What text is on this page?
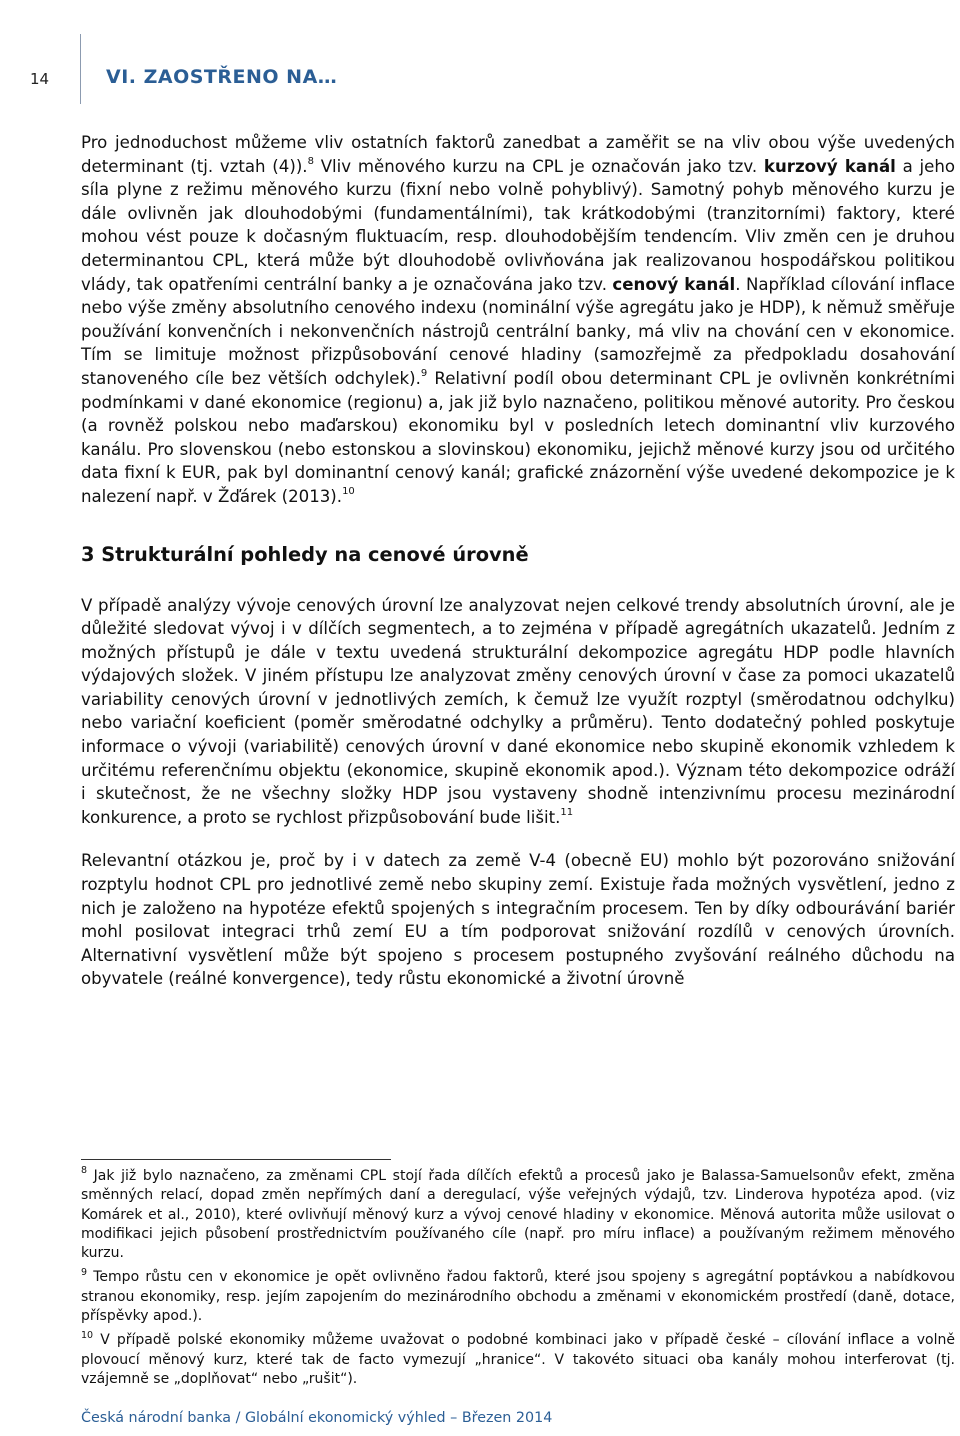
14	VI. ZAOSTŘENO NA…

Pro jednoduchost můžeme vliv ostatních faktorů zanedbat a zaměřit se na vliv obou výše uvedených determinant (tj. vztah (4)).$^8$ Vliv měnového kurzu na CPL je označován jako tzv. kurzový kanál a jeho síla plyne z režimu měnového kurzu (fixní nebo volně pohyblivý). Samotný pohyb měnového kurzu je dále ovlivněn jak dlouhodobými (fundamentálními), tak krátkodobými (tranzitorními) faktory, které mohou vést pouze k dočasným fluktuacím, resp. dlouhodobějším tendencím. Vliv změn cen je druhou determinantou CPL, která může být dlouhodobě ovlivňována jak realizovanou hospodářskou politikou vlády, tak opatřeními centrální banky a je označována jako tzv. cenový kanál. Například cílování inflace nebo výše změny absolutního cenového indexu (nominální výše agregátu jako je HDP), k němuž směřuje používání konvenčních i nekonvenčních nástrojů centrální banky, má vliv na chování cen v ekonomice. Tím se limituje možnost přizpůsobování cenové hladiny (samozřejmě za předpokladu dosahování stanoveného cíle bez větších odchylek).$^9$ Relativní podíl obou determinant CPL je ovlivněn konkrétními podmínkami v dané ekonomice (regionu) a, jak již bylo naznačeno, politikou měnové autority. Pro českou (a rovněž polskou nebo maďarskou) ekonomiku byl v posledních letech dominantní vliv kurzového kanálu. Pro slovenskou (nebo estonskou a slovinskou) ekonomiku, jejichž měnové kurzy jsou od určitého data fixní k EUR, pak byl dominantní cenový kanál; grafické znázornění výše uvedené dekompozice je k nalezení např. v Žďárek (2013).$^{10}$

3 Strukturální pohledy na cenové úrovně

V případě analýzy vývoje cenových úrovní lze analyzovat nejen celkové trendy absolutních úrovní, ale je důležité sledovat vývoj i v dílčích segmentech, a to zejména v případě agregátních ukazatelů. Jedním z možných přístupů je dále v textu uvedená strukturální dekompozice agregátu HDP podle hlavních výdajových složek. V jiném přístupu lze analyzovat změny cenových úrovní v čase za pomoci ukazatelů variability cenových úrovní v jednotlivých zemích, k čemuž lze využít rozptyl (směrodatnou odchylku) nebo variační koeficient (poměr směrodatné odchylky a průměru). Tento dodatečný pohled poskytuje informace o vývoji (variabilitě) cenových úrovní v dané ekonomice nebo skupině ekonomik vzhledem k určitému referenčnímu objektu (ekonomice, skupině ekonomik apod.). Význam této dekompozice odráží i skutečnost, že ne všechny složky HDP jsou vystaveny shodně intenzivnímu procesu mezinárodní konkurence, a proto se rychlost přizpůsobování bude lišit.$^{11}$

Relevantní otázkou je, proč by i v datech za země V-4 (obecně EU) mohlo být pozorováno snižování rozptylu hodnot CPL pro jednotlivé země nebo skupiny zemí. Existuje řada možných vysvětlení, jedno z nich je založeno na hypotéze efektů spojených s integračním procesem. Ten by díky odbourávání bariér mohl posilovat integraci trhů zemí EU a tím podporovat snižování rozdílů v cenových úrovních. Alternativní vysvětlení může být spojeno s procesem postupného zvyšování reálného důchodu na obyvatele (reálné konvergence), tedy růstu ekonomické a životní úrovně

$^8$ Jak již bylo naznačeno, za změnami CPL stojí řada dílčích efektů a procesů jako je Balassa-Samuelsonův efekt, změna směnných relací, dopad změn nepřímých daní a deregulací, výše veřejných výdajů, tzv. Linderova hypotéza apod. (viz Komárek et al., 2010), které ovlivňují měnový kurz a vývoj cenové hladiny v ekonomice. Měnová autorita může usilovat o modifikaci jejich působení prostřednictvím používaného cíle (např. pro míru inflace) a používaným režimem měnového kurzu.

$^9$ Tempo růstu cen v ekonomice je opět ovlivněno řadou faktorů, které jsou spojeny s agregátní poptávkou a nabídkovou stranou ekonomiky, resp. jejím zapojením do mezinárodního obchodu a změnami v ekonomickém prostředí (daně, dotace, příspěvky apod.).

$^{10}$ V případě polské ekonomiky můžeme uvažovat o podobné kombinaci jako v případě české – cílování inflace a volně plovoucí měnový kurz, které tak de facto vymezují „hranice“. V takovéto situaci oba kanály mohou interferovat (tj. vzájemně se „doplňovat“ nebo „rušit“).

Česká národní banka / Globální ekonomický výhled – Březen 2014
